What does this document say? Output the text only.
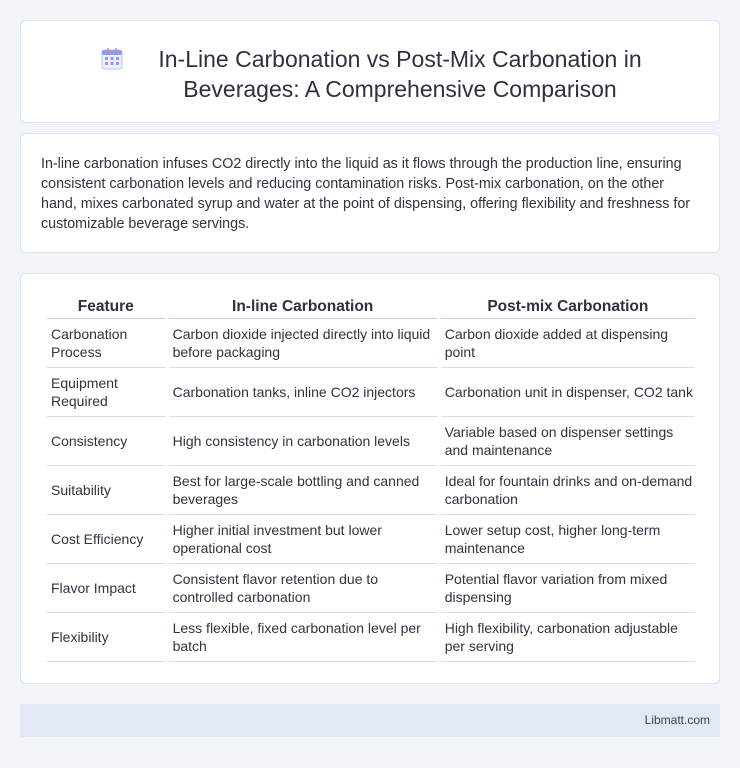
In-Line Carbonation vs Post-Mix Carbonation in Beverages: A Comprehensive Comparison

In-line carbonation infuses CO2 directly into the liquid as it flows through the production line, ensuring consistent carbonation levels and reducing contamination risks. Post-mix carbonation, on the other hand, mixes carbonated syrup and water at the point of dispensing, offering flexibility and freshness for customizable beverage servings.

Feature	In-line Carbonation	Post-mix Carbonation
Carbonation Process	Carbon dioxide injected directly into liquid before packaging	Carbon dioxide added at dispensing point
Equipment Required	Carbonation tanks, inline CO2 injectors	Carbonation unit in dispenser, CO2 tank
Consistency	High consistency in carbonation levels	Variable based on dispenser settings and maintenance
Suitability	Best for large-scale bottling and canned beverages	Ideal for fountain drinks and on-demand carbonation
Cost Efficiency	Higher initial investment but lower operational cost	Lower setup cost, higher long-term maintenance
Flavor Impact	Consistent flavor retention due to controlled carbonation	Potential flavor variation from mixed dispensing
Flexibility	Less flexible, fixed carbonation level per batch	High flexibility, carbonation adjustable per serving
Libmatt.com
